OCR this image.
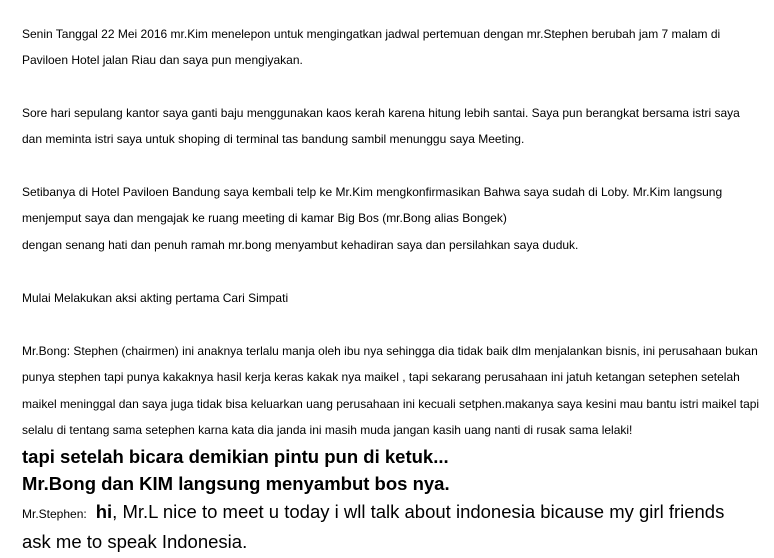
Senin Tanggal 22 Mei 2016 mr.Kim menelepon untuk mengingatkan jadwal pertemuan dengan mr.Stephen berubah jam 7 malam di

Paviloen Hotel jalan Riau dan saya pun mengiyakan.

Sore hari sepulang kantor saya ganti baju menggunakan kaos kerah karena hitung lebih santai. Saya pun berangkat bersama istri saya

dan meminta istri saya untuk shoping di terminal tas bandung sambil menunggu saya Meeting.

Setibanya di Hotel Paviloen Bandung saya kembali telp ke Mr.Kim mengkonfirmasikan Bahwa saya sudah di Loby. Mr.Kim langsung

menjemput saya dan mengajak ke ruang meeting di kamar Big Bos (mr.Bong alias Bongek)

dengan senang hati dan penuh ramah mr.bong menyambut kehadiran saya dan persilahkan saya duduk.

Mulai Melakukan aksi akting pertama Cari Simpati

Mr.Bong: Stephen (chairmen) ini anaknya terlalu manja oleh ibu nya sehingga dia tidak baik dlm menjalankan bisnis, ini perusahaan bukan

punya stephen tapi punya kakaknya hasil kerja keras kakak nya maikel , tapi sekarang perusahaan ini jatuh ketangan setephen setelah

maikel meninggal dan saya juga tidak bisa keluarkan uang perusahaan ini kecuali setphen.makanya saya kesini mau bantu istri maikel tapi

selalu di tentang sama setephen karna kata dia janda ini masih muda jangan kasih uang nanti di rusak sama lelaki!

tapi setelah bicara demikian pintu pun di ketuk...

Mr.Bong dan KIM langsung menyambut bos nya.

Mr.Stephen: hi, Mr.L nice to meet u today i wll talk about indonesia bicause my girl friends

ask me to speak Indonesia.
